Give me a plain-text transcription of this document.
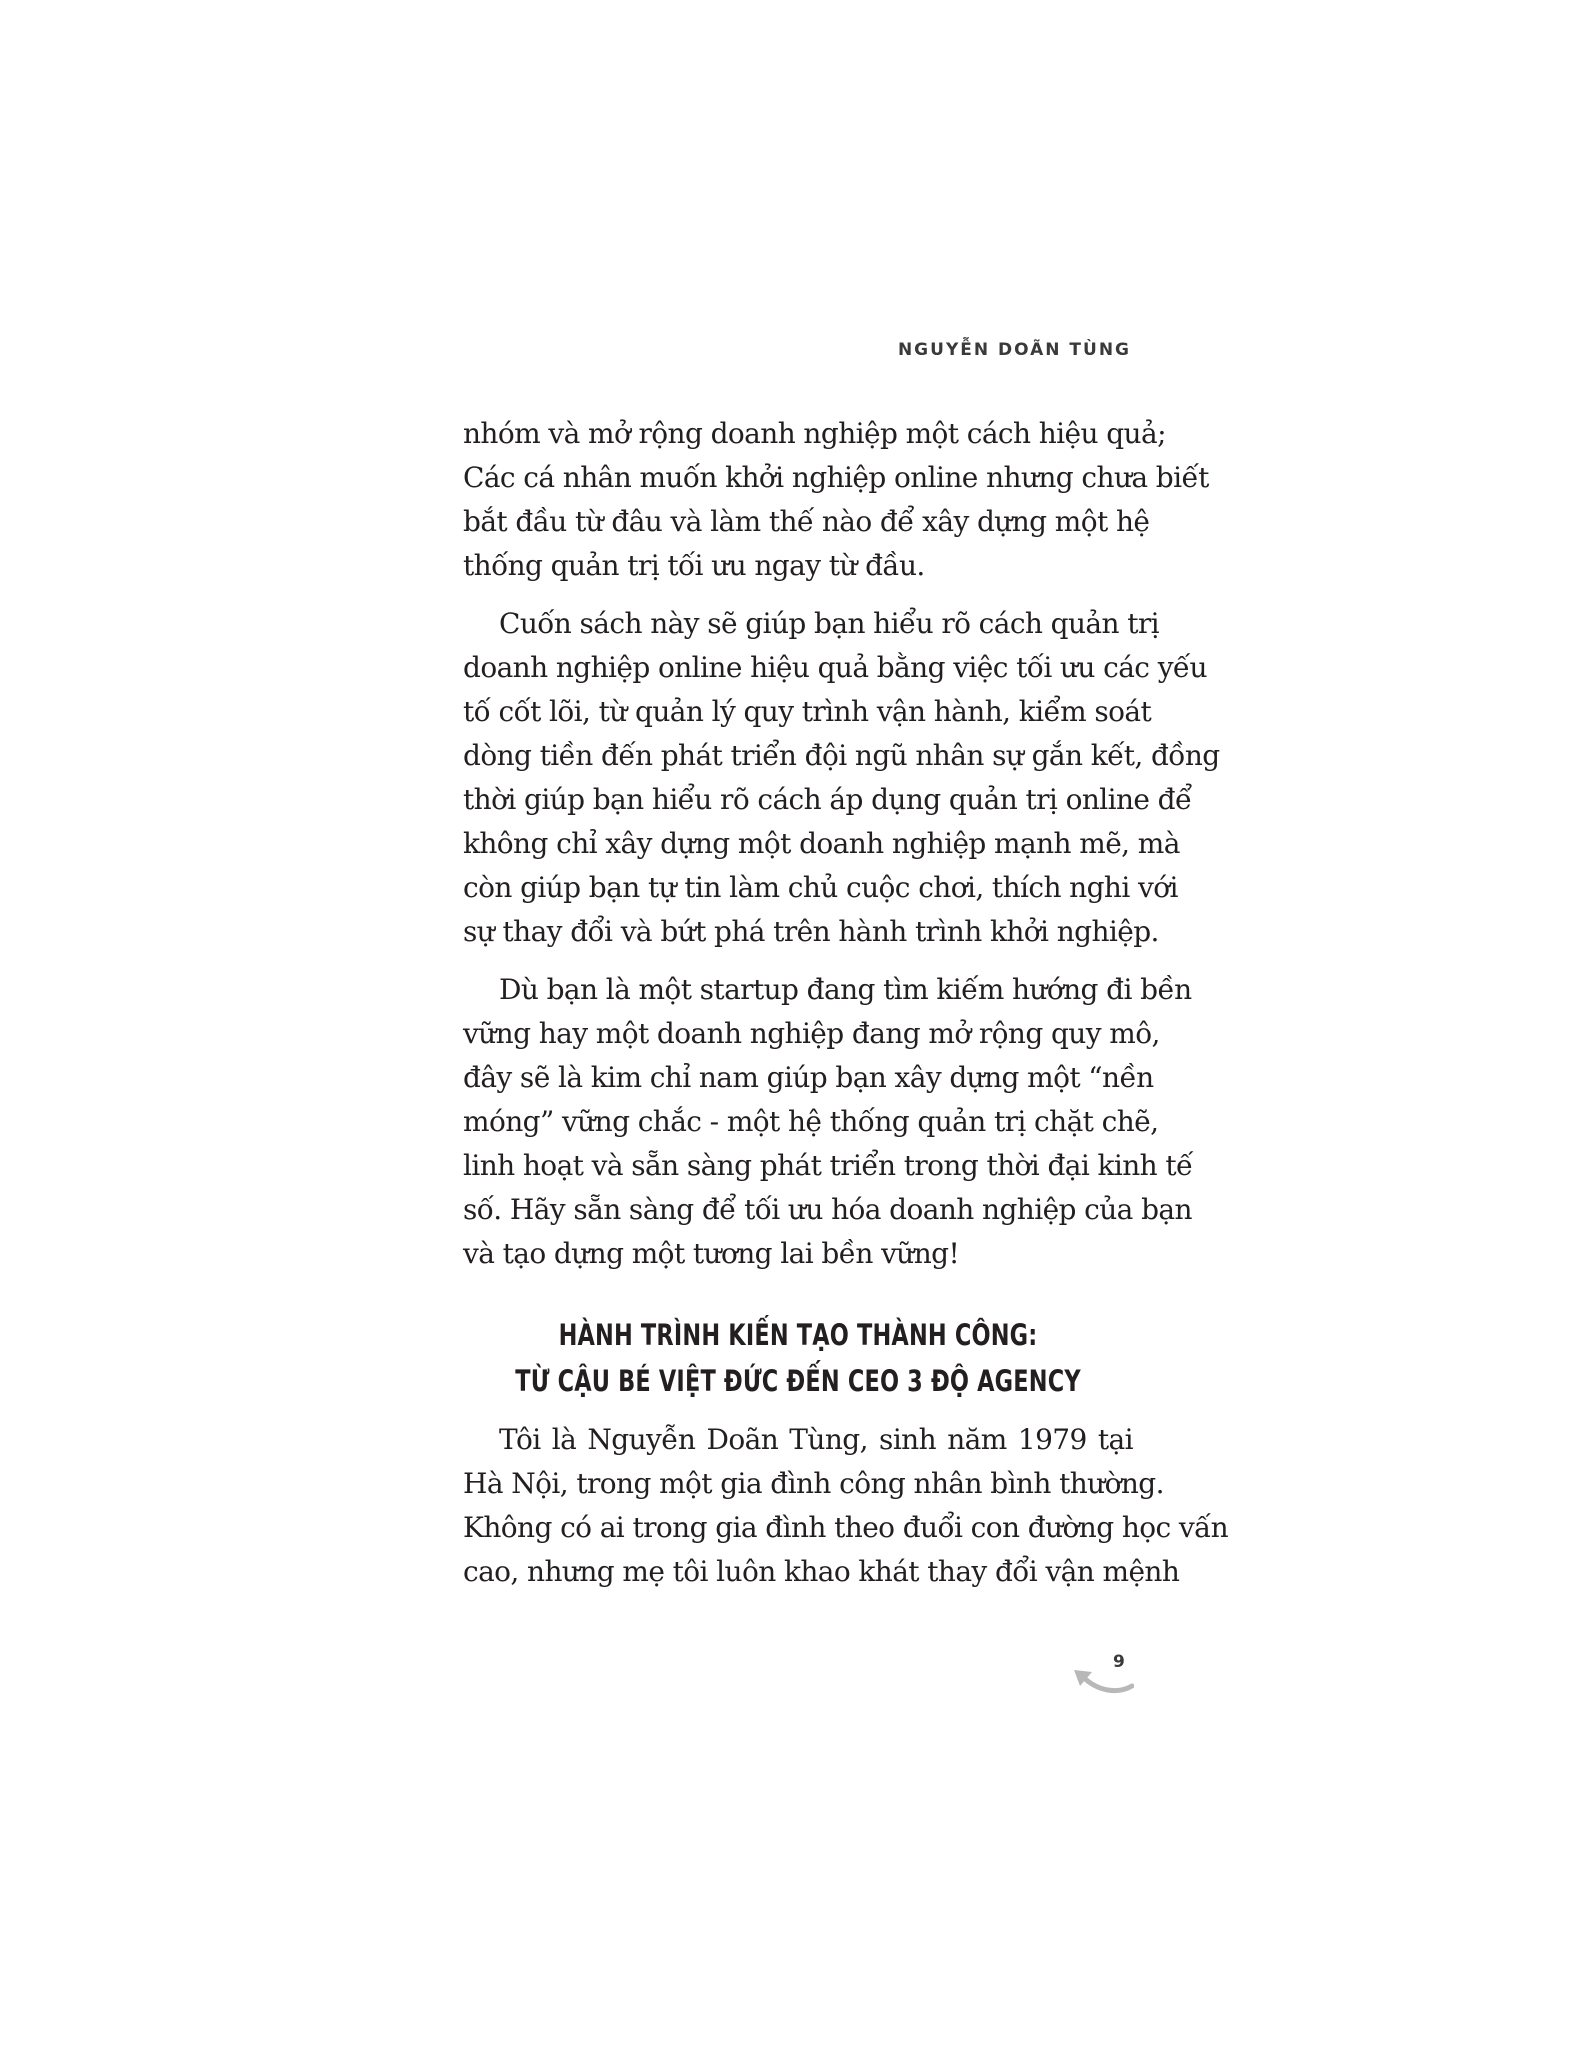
NGUYỄN DOÃN TÙNG
nhóm và mở rộng doanh nghiệp một cách hiệu quả;
Các cá nhân muốn khởi nghiệp online nhưng chưa biết
bắt đầu từ đâu và làm thế nào để xây dựng một hệ
thống quản trị tối ưu ngay từ đầu.
Cuốn sách này sẽ giúp bạn hiểu rõ cách quản trị
doanh nghiệp online hiệu quả bằng việc tối ưu các yếu
tố cốt lõi, từ quản lý quy trình vận hành, kiểm soát
dòng tiền đến phát triển đội ngũ nhân sự gắn kết, đồng
thời giúp bạn hiểu rõ cách áp dụng quản trị online để
không chỉ xây dựng một doanh nghiệp mạnh mẽ, mà
còn giúp bạn tự tin làm chủ cuộc chơi, thích nghi với
sự thay đổi và bứt phá trên hành trình khởi nghiệp.
Dù bạn là một startup đang tìm kiếm hướng đi bền
vững hay một doanh nghiệp đang mở rộng quy mô,
đây sẽ là kim chỉ nam giúp bạn xây dựng một “nền
móng” vững chắc - một hệ thống quản trị chặt chẽ,
linh hoạt và sẵn sàng phát triển trong thời đại kinh tế
số. Hãy sẵn sàng để tối ưu hóa doanh nghiệp của bạn
và tạo dựng một tương lai bền vững!
HÀNH TRÌNH KIẾN TẠO THÀNH CÔNG:
TỪ CẬU BÉ VIỆT ĐỨC ĐẾN CEO 3 ĐỘ AGENCY
Tôi là Nguyễn Doãn Tùng, sinh năm 1979 tại
Hà Nội, trong một gia đình công nhân bình thường.
Không có ai trong gia đình theo đuổi con đường học vấn
cao, nhưng mẹ tôi luôn khao khát thay đổi vận mệnh
9
